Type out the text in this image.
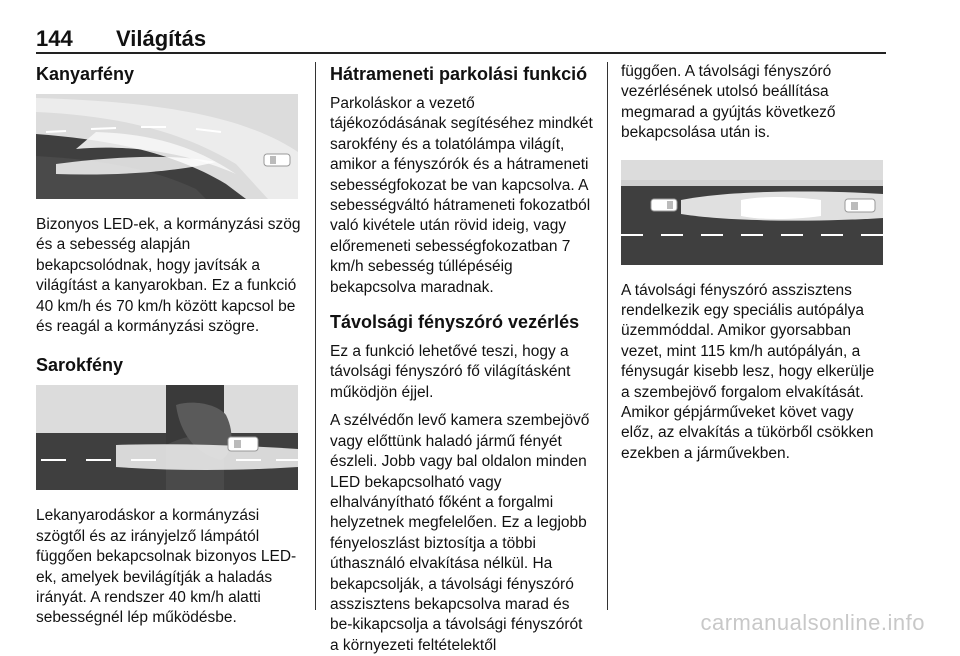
144 Világítás
Kanyarfény

Bizonyos LED-ek, a kormányzási szög és a sebesség alapján bekapcsolódnak, hogy javítsák a világítást a kanyarokban. Ez a funkció 40 km/h és 70 km/h között kapcsol be és reagál a kormányzási szögre.

Sarokfény

Lekanyarodáskor a kormányzási szögtől és az irányjelző lámpától függően bekapcsolnak bizonyos LED-ek, amelyek bevilágítják a haladás irányát. A rendszer 40 km/h alatti sebességnél lép működésbe.

Hátrameneti parkolási funkció

Parkoláskor a vezető tájékozódásának segítéséhez mindkét sarokfény és a tolatólámpa világít, amikor a fényszórók és a hátrameneti sebességfokozat be van kapcsolva. A sebességváltó hátrameneti fokozatból való kivétele után rövid ideig, vagy előremeneti sebességfokozatban 7 km/h sebesség túllépéséig bekapcsolva maradnak.

Távolsági fényszóró vezérlés

Ez a funkció lehetővé teszi, hogy a távolsági fényszóró fő világításként működjön éjjel.

A szélvédőn levő kamera szembejövő vagy előttünk haladó jármű fényét észleli. Jobb vagy bal oldalon minden LED bekapcsolható vagy elhalványítható főként a forgalmi helyzetnek megfelelően. Ez a legjobb fényeloszlást biztosítja a többi úthasználó elvakítása nélkül. Ha bekapcsolják, a távolsági fényszóró asszisztens bekapcsolva marad és be-kikapcsolja a távolsági fényszórót a környezeti feltételektől

függően. A távolsági fényszóró vezérlésének utolsó beállítása megmarad a gyújtás következő bekapcsolása után is.

A távolsági fényszóró asszisztens rendelkezik egy speciális autópálya üzemmóddal. Amikor gyorsabban vezet, mint 115 km/h autópályán, a fénysugár kisebb lesz, hogy elkerülje a szembejövő forgalom elvakítását. Amikor gépjárműveket követ vagy előz, az elvakítás a tükörből csökken ezekben a járművekben.

carmanualsonline.info
